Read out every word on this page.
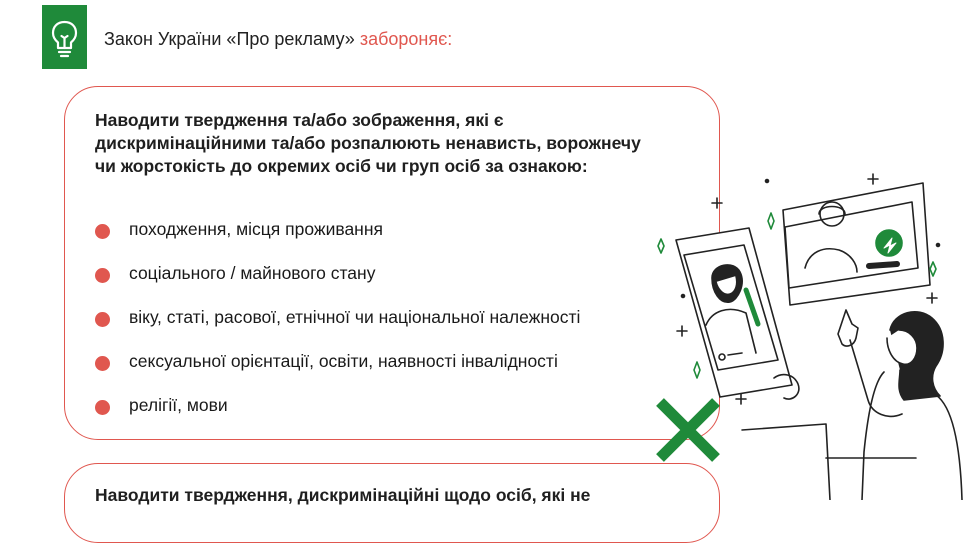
Закон України «Про рекламу» забороняє:
Наводити твердження та/або зображення, які є дискримінаційними та/або розпалюють ненависть, ворожнечу чи жорстокість до окремих осіб чи груп осіб за ознакою:
походження, місця проживання
соціального / майнового стану
віку, статі, расової, етнічної чи національної належності
сексуальної орієнтації, освіти, наявності інвалідності
релігії, мови
Наводити твердження, дискримінаційні щодо осіб, які не
